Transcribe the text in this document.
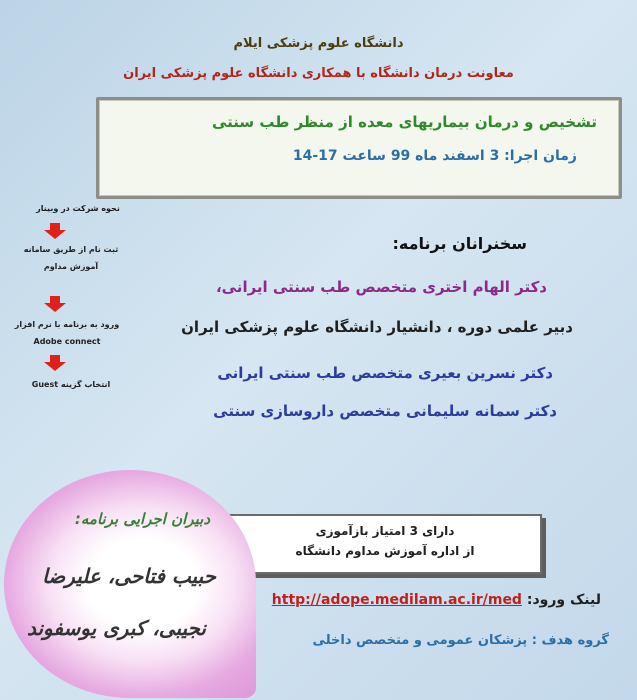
دانشگاه علوم پزشکی ایلام
معاونت درمان دانشگاه با همکاری دانشگاه علوم پزشکی ایران
تشخیص و درمان بیماریهای معده از منظر طب سنتی
زمان اجرا: 3 اسفند ماه 99 ساعت 17-14
نحوه شرکت در وبینار
ثبت نام از طریق سامانه آموزش مداوم
ورود به برنامه با نرم افزار Adobe connect
انتخاب گزینه Guest
سخنرانان برنامه:
دکتر الهام اختری متخصص طب سنتی ایرانی،
دبیر علمی دوره ، دانشیار دانشگاه علوم پزشکی ایران
دکتر نسرین بعیری متخصص طب سنتی ایرانی
دکتر سمانه سلیمانی متخصص داروسازی سنتی
دارای 3 امتیاز بازآموزی
از اداره آموزش مداوم دانشگاه
لینک ورود: http://adope.medilam.ac.ir/med
گروه هدف : پزشکان عمومی و متخصص داخلی
دبیران اجرایی برنامه:
حبیب فتاحی، علیرضا
نجیبی، کبری یوسفوند
